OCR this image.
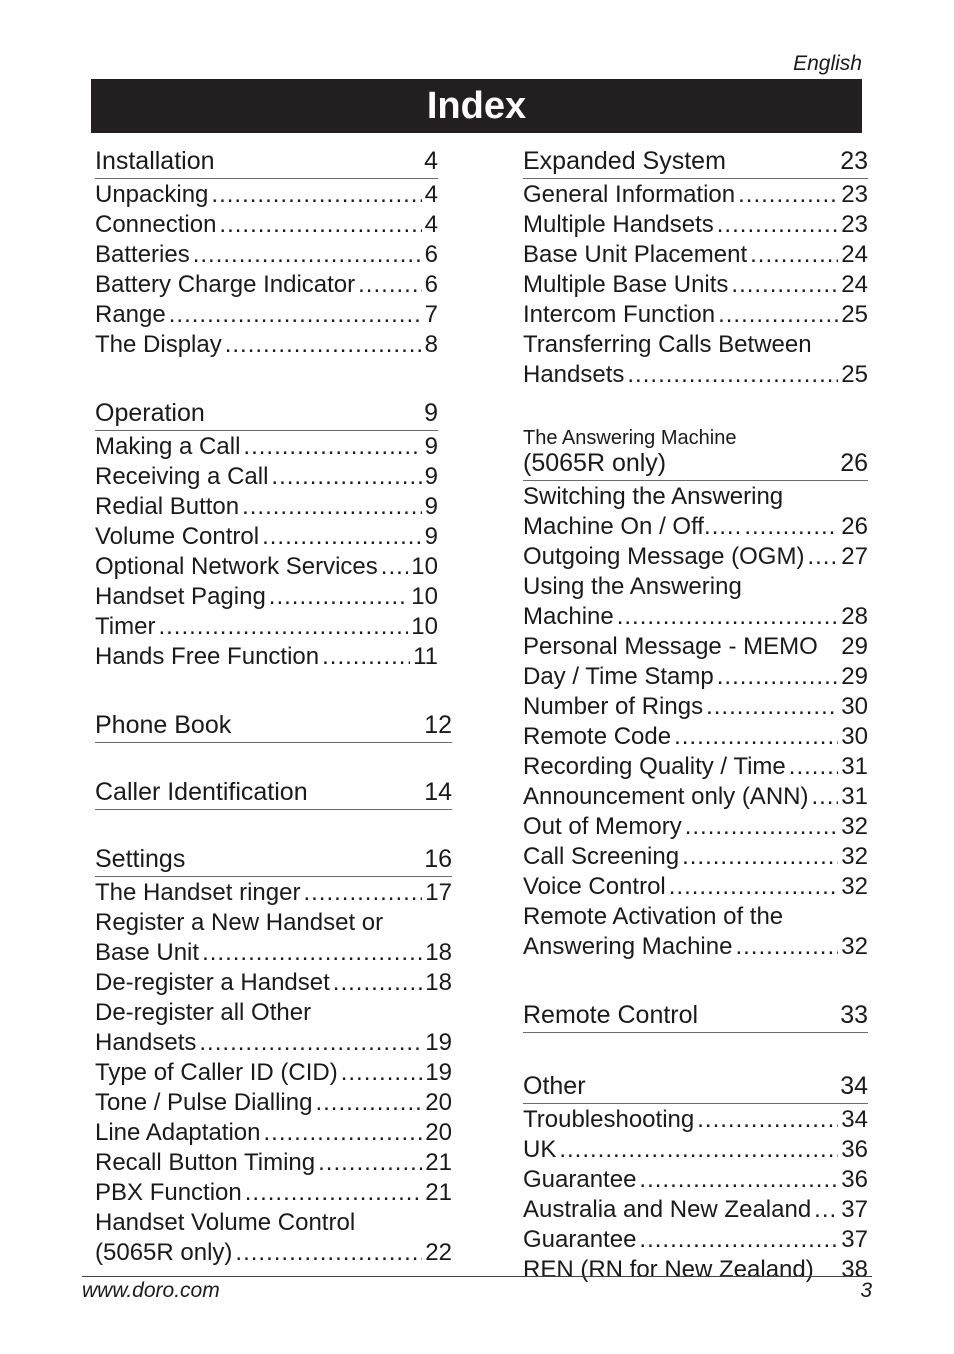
English
Index
Installation	4
Unpacking .....	4
Connection .....	4
Batteries .....	6
Battery Charge Indicator .....	6
Range .....	7
The Display .....	8
Operation	9
Making a Call .....	9
Receiving a Call .....	9
Redial Button .....	9
Volume Control .....	9
Optional Network Services ..... 10
Handset Paging .....	10
Timer .....	10
Hands Free Function .....	11
Phone Book	12
Caller Identification	14
Settings	16
The Handset ringer .....	17
Register a New Handset or
Base Unit .....	18
De-register a Handset .....	18
De-register all Other
Handsets .....	19
Type of Caller ID (CID) .....	19
Tone / Pulse Dialling .....	20
Line Adaptation .....	20
Recall Button Timing .....	21
PBX Function .....	21
Handset Volume Control
(5065R only) .....	22
Expanded System	23
General Information .....	23
Multiple Handsets .....	23
Base Unit Placement .....	24
Multiple Base Units .....	24
Intercom Function .....	25
Transferring Calls Between
Handsets .....	25
The Answering Machine
(5065R only)	26
Switching the Answering
Machine On / Off.…. .....	26
Outgoing Message (OGM) ..... 27
Using the Answering
Machine .....	28
Personal Message - MEMO 29
Day / Time Stamp .....	29
Number of Rings .....	30
Remote Code .....	30
Recording Quality / Time ..... 31
Announcement only (ANN) ..... 31
Out of Memory .....	32
Call Screening .....	32
Voice Control .....	32
Remote Activation of the
Answering Machine .....	32
Remote Control	33
Other	34
Troubleshooting .....	34
UK .....	36
Guarantee .....	36
Australia and New Zealand ..... 37
Guarantee .....	37
REN (RN for New Zealand) 38
www.doro.com	3
